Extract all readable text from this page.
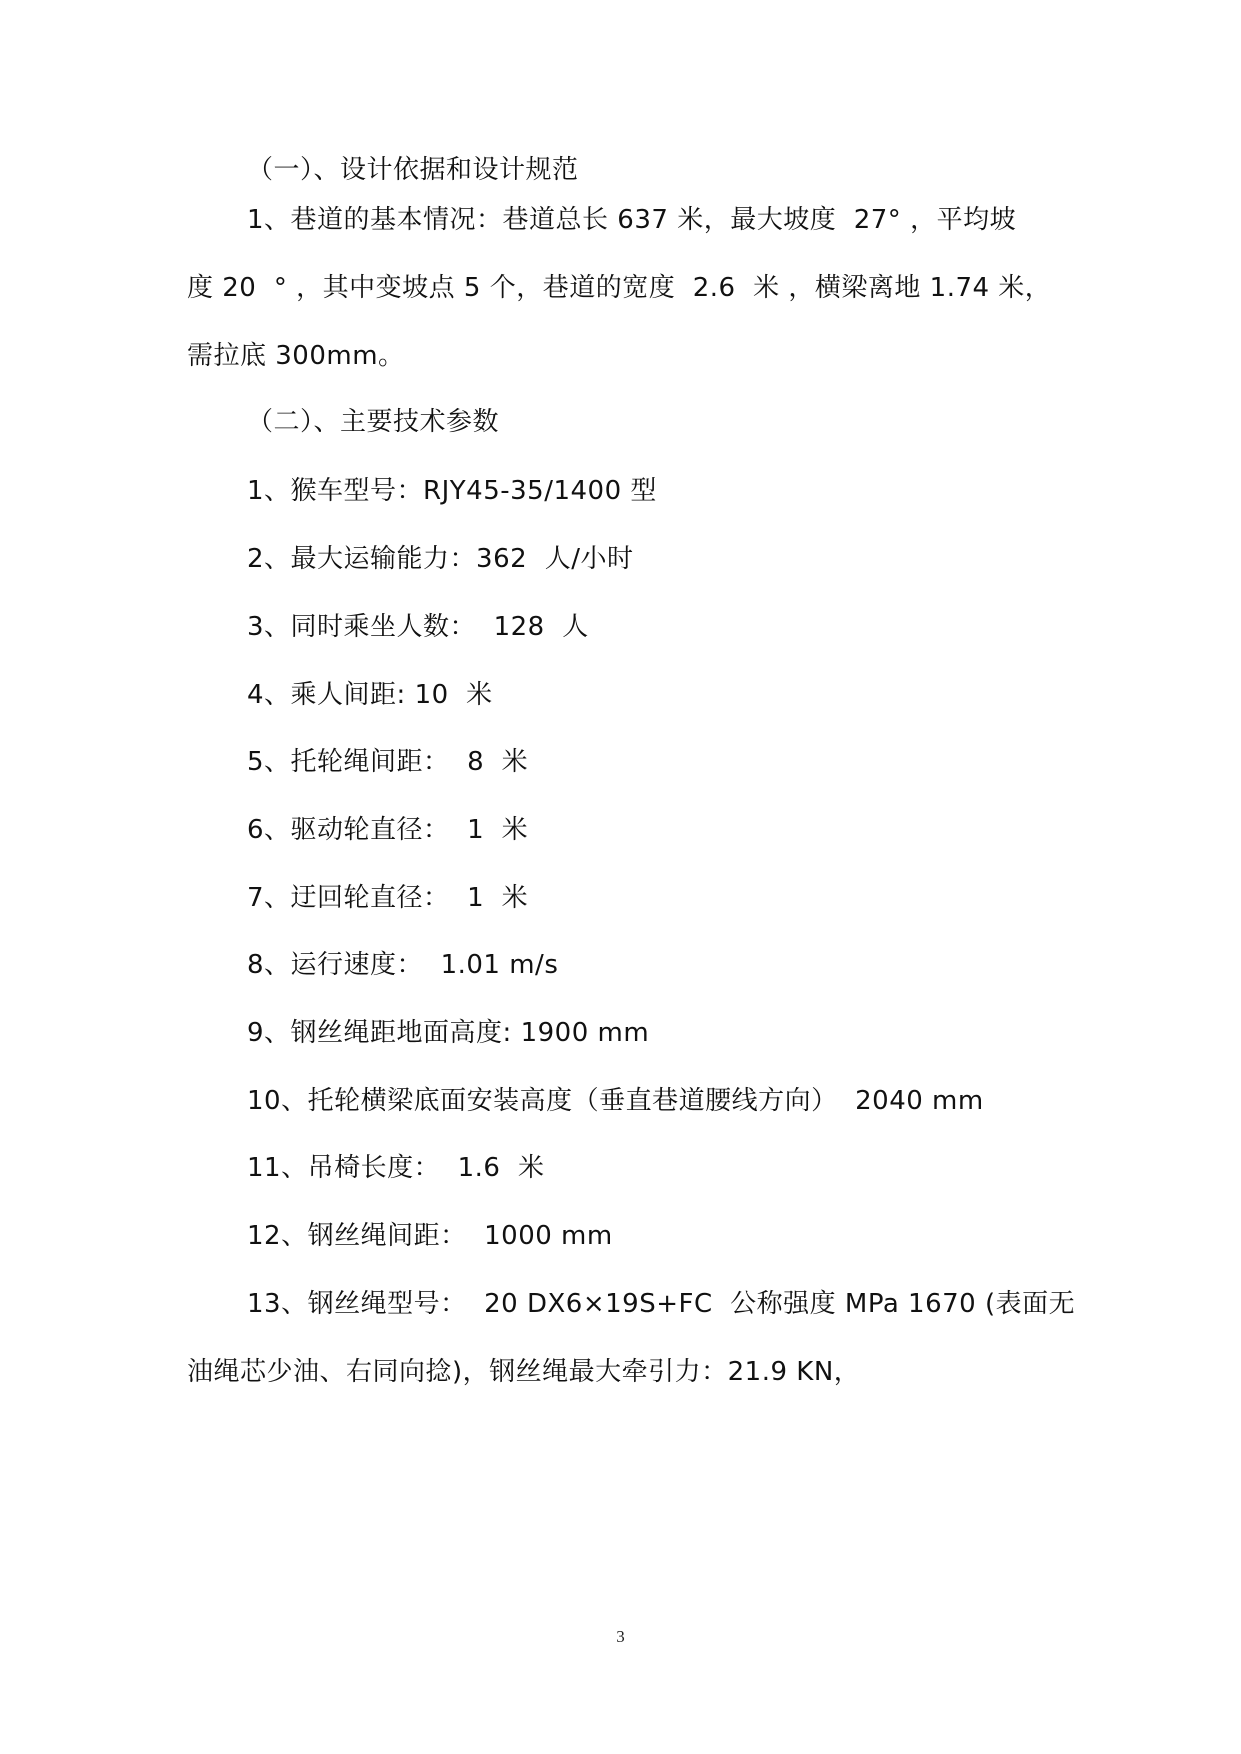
（一）、设计依据和设计规范
1、巷道的基本情况：巷道总长 637 米，最大坡度  27° ，平均坡
度 20  ° ，其中变坡点 5 个，巷道的宽度  2.6  米 ，横梁离地 1.74 米，
需拉底 300mm。
（二）、主要技术参数
1、猴车型号：RJY45-35/1400 型
2、最大运输能力：362  人/小时
3、同时乘坐人数：  128  人
4、乘人间距: 10  米
5、托轮绳间距：  8  米
6、驱动轮直径：  1  米
7、迂回轮直径：  1  米
8、运行速度：  1.01 m/s
9、钢丝绳距地面高度: 1900 mm
10、托轮横梁底面安装高度（垂直巷道腰线方向）  2040 mm
11、吊椅长度：  1.6  米
12、钢丝绳间距：  1000 mm
13、钢丝绳型号：  20 DX6×19S+FC  公称强度 MPa 1670 (表面无
油绳芯少油、右同向捻)，钢丝绳最大牵引力：21.9 KN，
3
